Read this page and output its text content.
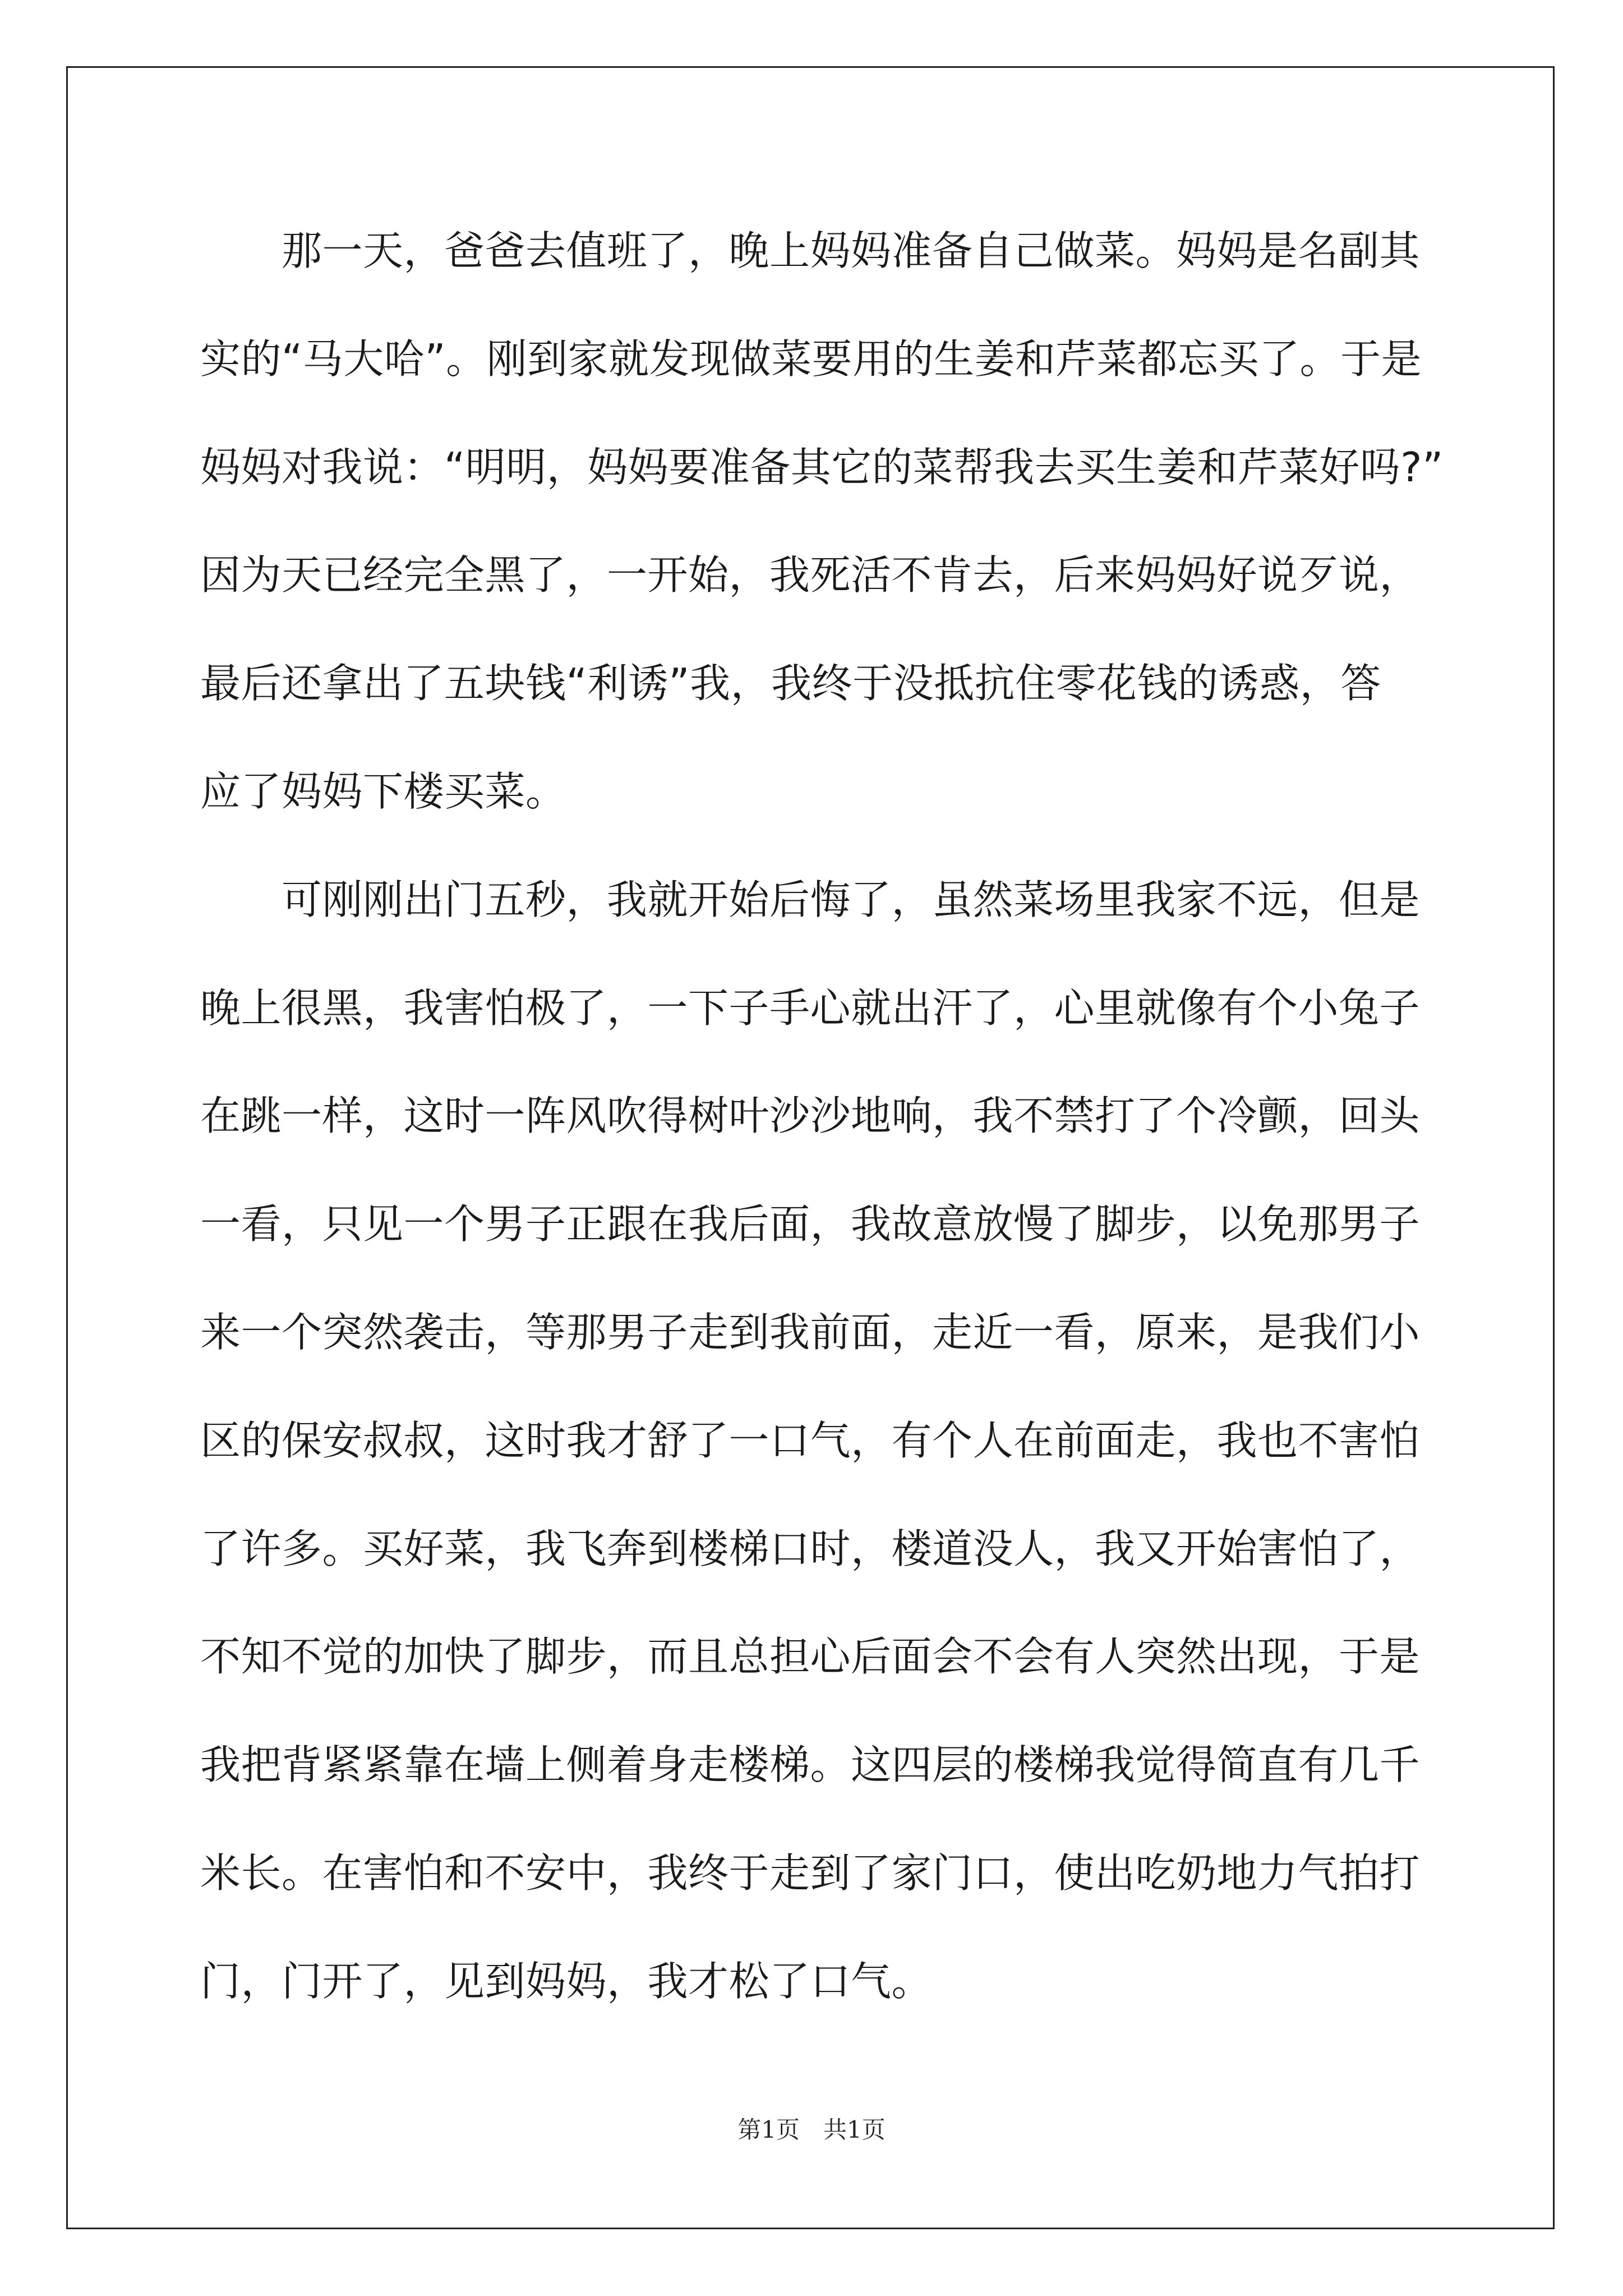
　　那一天，爸爸去值班了，晚上妈妈准备自己做菜。妈妈是名副其
实的“马大哈”。刚到家就发现做菜要用的生姜和芹菜都忘买了。于是
妈妈对我说：“明明，妈妈要准备其它的菜帮我去买生姜和芹菜好吗?”
因为天已经完全黑了，一开始，我死活不肯去，后来妈妈好说歹说，
最后还拿出了五块钱“利诱”我，我终于没抵抗住零花钱的诱惑，答
应了妈妈下楼买菜。
　　可刚刚出门五秒，我就开始后悔了，虽然菜场里我家不远，但是
晚上很黑，我害怕极了，一下子手心就出汗了，心里就像有个小兔子
在跳一样，这时一阵风吹得树叶沙沙地响，我不禁打了个冷颤，回头
一看，只见一个男子正跟在我后面，我故意放慢了脚步，以免那男子
来一个突然袭击，等那男子走到我前面，走近一看，原来，是我们小
区的保安叔叔，这时我才舒了一口气，有个人在前面走，我也不害怕
了许多。买好菜，我飞奔到楼梯口时，楼道没人，我又开始害怕了，
不知不觉的加快了脚步，而且总担心后面会不会有人突然出现，于是
我把背紧紧靠在墙上侧着身走楼梯。这四层的楼梯我觉得简直有几千
米长。在害怕和不安中，我终于走到了家门口，使出吃奶地力气拍打
门，门开了，见到妈妈，我才松了口气。
第1页　共1页
